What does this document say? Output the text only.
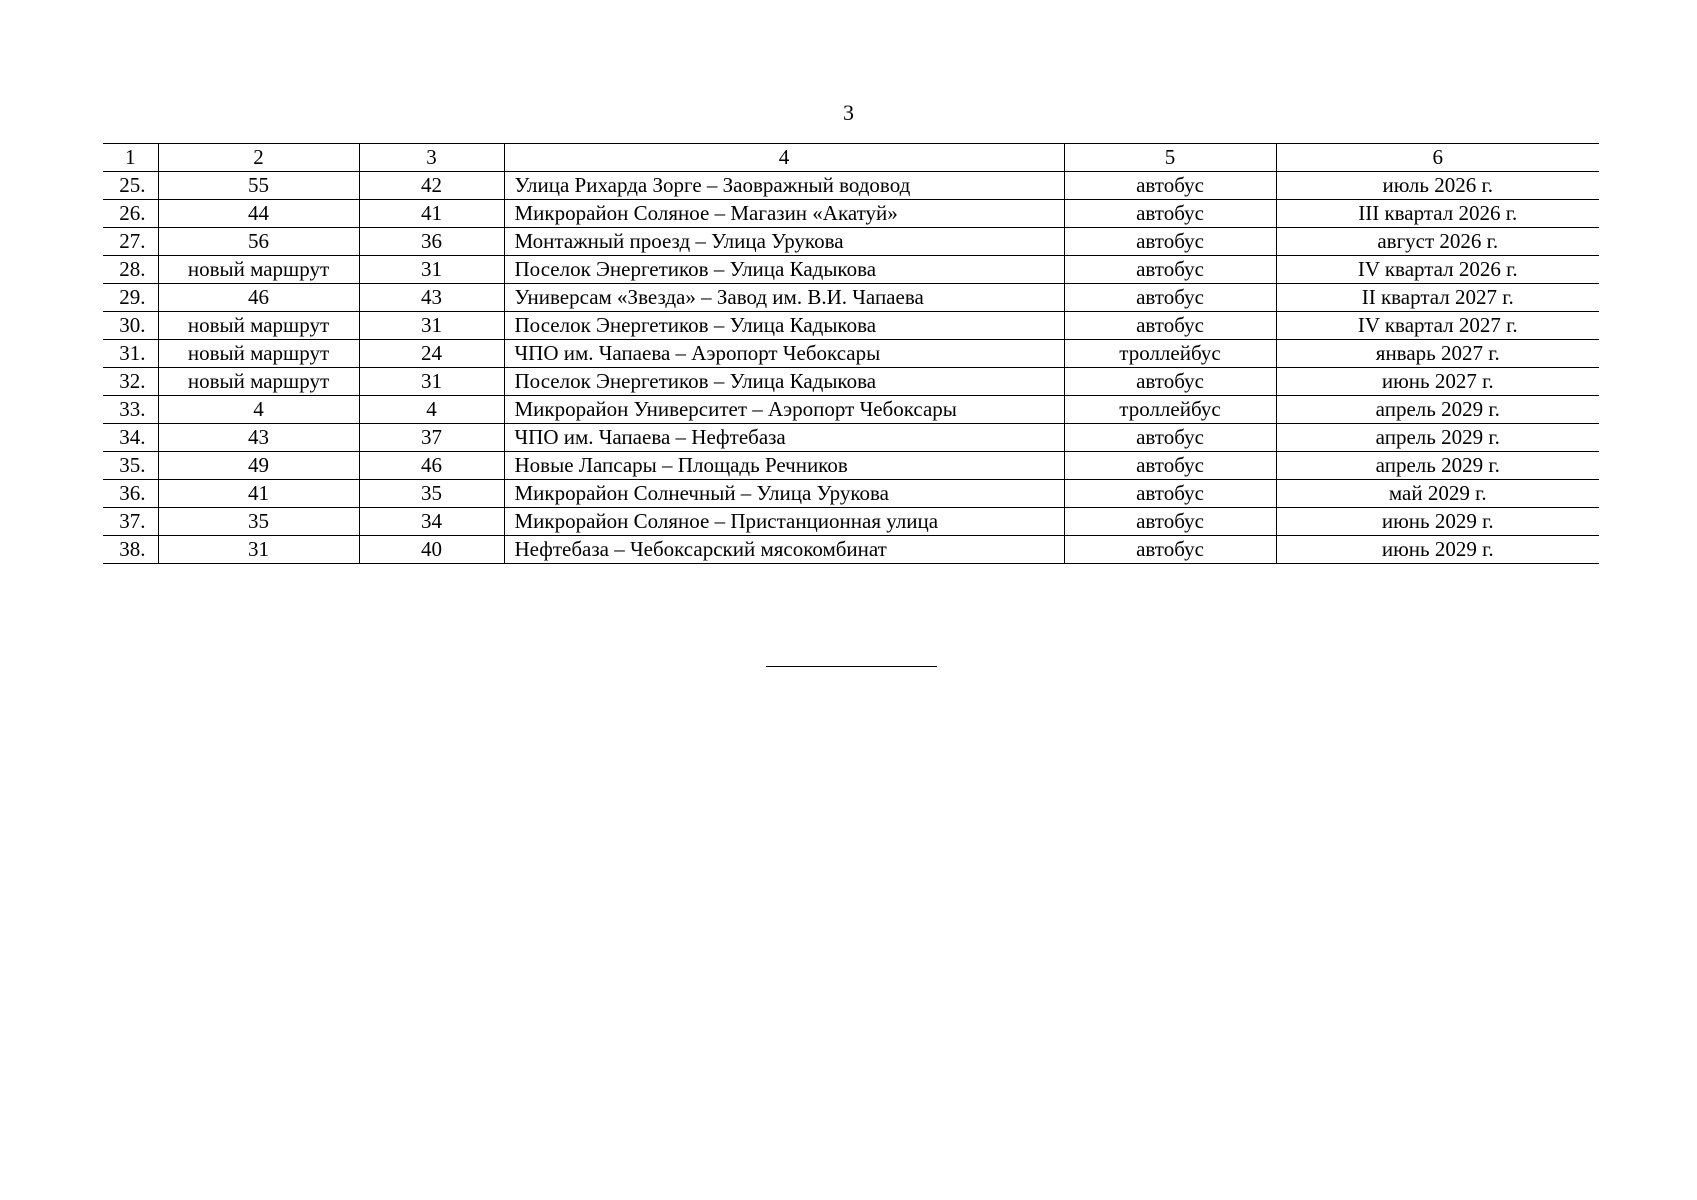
3
1	2	3	4	5	6
25.	55	42	Улица Рихарда Зорге – Заовражный водовод	автобус	июль 2026 г.
26.	44	41	Микрорайон Соляное – Магазин «Акатуй»	автобус	III квартал 2026 г.
27.	56	36	Монтажный проезд – Улица Урукова	автобус	август 2026 г.
28.	новый маршрут	31	Поселок Энергетиков – Улица Кадыкова	автобус	IV квартал 2026 г.
29.	46	43	Универсам «Звезда» – Завод им. В.И. Чапаева	автобус	II квартал 2027 г.
30.	новый маршрут	31	Поселок Энергетиков – Улица Кадыкова	автобус	IV квартал 2027 г.
31.	новый маршрут	24	ЧПО им. Чапаева – Аэропорт Чебоксары	троллейбус	январь 2027 г.
32.	новый маршрут	31	Поселок Энергетиков – Улица Кадыкова	автобус	июнь 2027 г.
33.	4	4	Микрорайон Университет – Аэропорт Чебоксары	троллейбус	апрель 2029 г.
34.	43	37	ЧПО им. Чапаева – Нефтебаза	автобус	апрель 2029 г.
35.	49	46	Новые Лапсары – Площадь Речников	автобус	апрель 2029 г.
36.	41	35	Микрорайон Солнечный – Улица Урукова	автобус	май 2029 г.
37.	35	34	Микрорайон Соляное – Пристанционная улица	автобус	июнь 2029 г.
38.	31	40	Нефтебаза – Чебоксарский мясокомбинат	автобус	июнь 2029 г.
